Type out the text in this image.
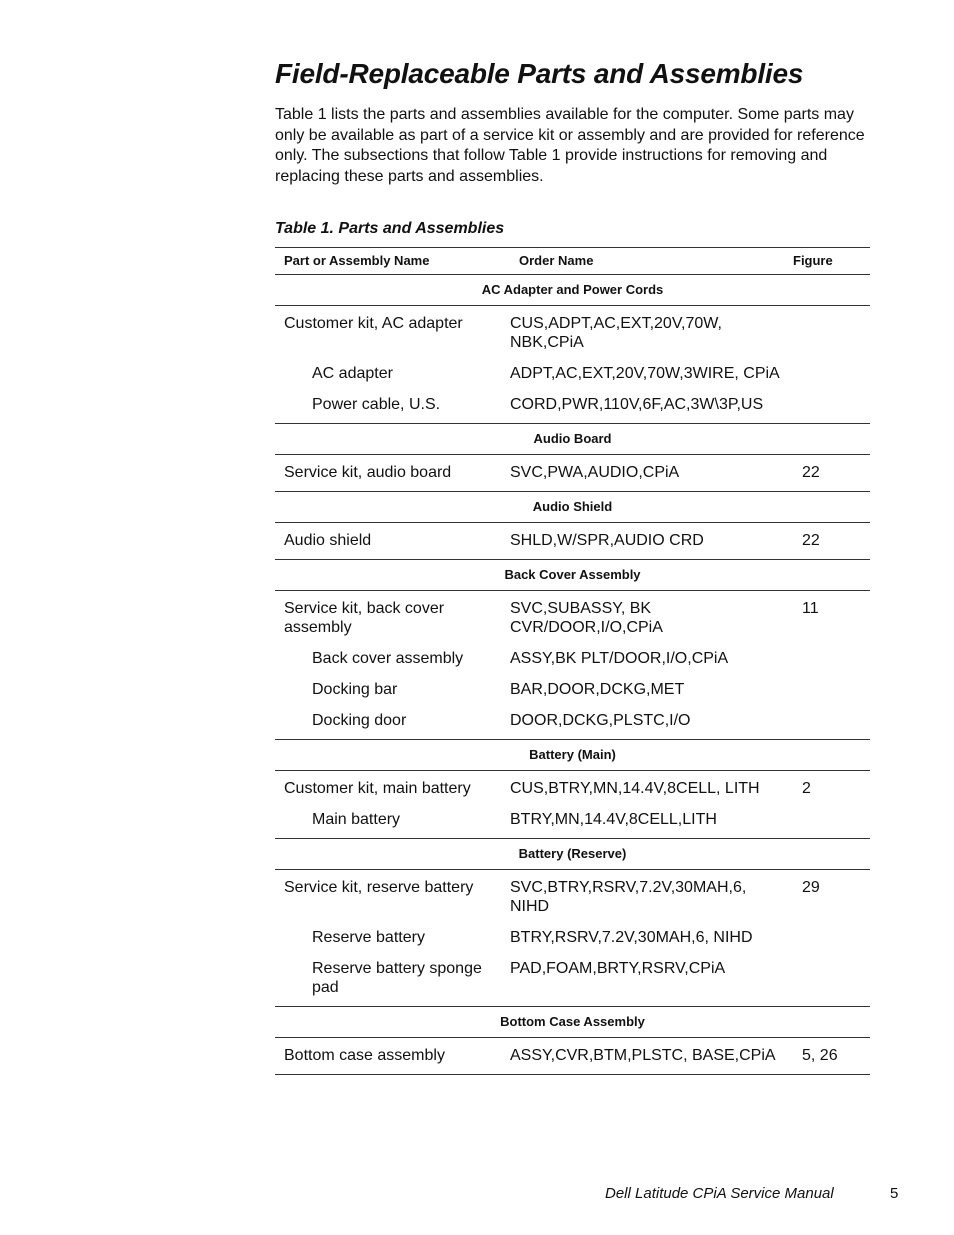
Field-Replaceable Parts and Assemblies

Table 1 lists the parts and assemblies available for the computer. Some parts may only be available as part of a service kit or assembly and are provided for reference only. The subsections that follow Table 1 provide instructions for removing and replacing these parts and assemblies.

Table 1. Parts and Assemblies

Part or Assembly Name	Order Name	Figure
AC Adapter and Power Cords		
Customer kit, AC adapter	CUS,ADPT,AC,EXT,20V,70W, NBK,CPiA	
AC adapter	ADPT,AC,EXT,20V,70W,3WIRE, CPiA	
Power cable, U.S.	CORD,PWR,110V,6F,AC,3W\3P,US	
Audio Board		
Service kit, audio board	SVC,PWA,AUDIO,CPiA	22
Audio Shield		
Audio shield	SHLD,W/SPR,AUDIO CRD	22
Back Cover Assembly		
Service kit, back cover assembly	SVC,SUBASSY, BK CVR/DOOR,I/O,CPiA	11
Back cover assembly	ASSY,BK PLT/DOOR,I/O,CPiA	
Docking bar	BAR,DOOR,DCKG,MET	
Docking door	DOOR,DCKG,PLSTC,I/O	
Battery (Main)		
Customer kit, main battery	CUS,BTRY,MN,14.4V,8CELL, LITH	2
Main battery	BTRY,MN,14.4V,8CELL,LITH	
Battery (Reserve)		
Service kit, reserve battery	SVC,BTRY,RSRV,7.2V,30MAH,6, NIHD	29
Reserve battery	BTRY,RSRV,7.2V,30MAH,6, NIHD	
Reserve battery sponge pad	PAD,FOAM,BRTY,RSRV,CPiA	
Bottom Case Assembly		
Bottom case assembly	ASSY,CVR,BTM,PLSTC, BASE,CPiA	5, 26

Dell Latitude CPiA Service Manual	5
